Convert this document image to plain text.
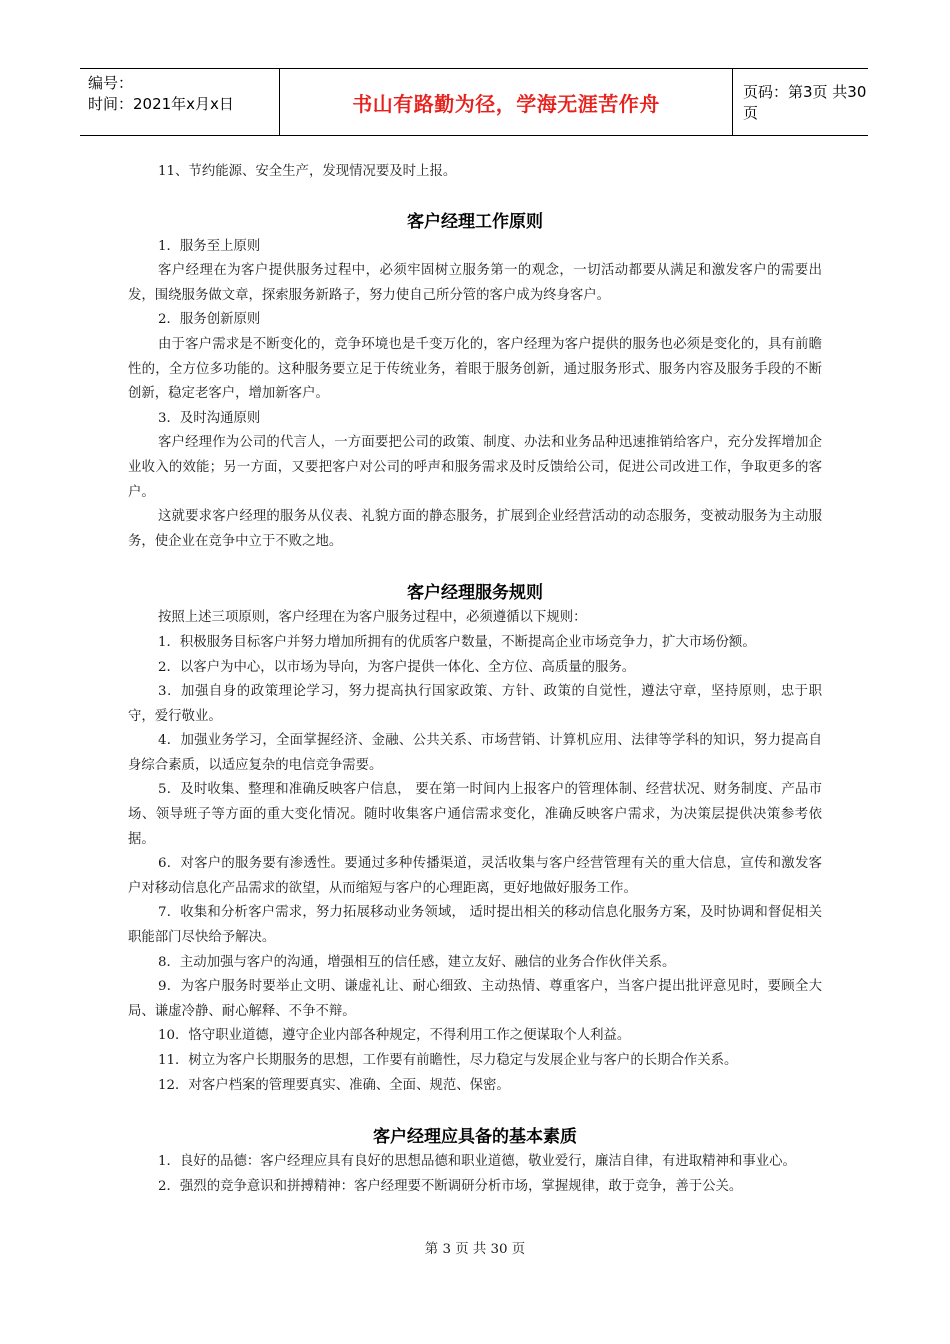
编号：
时间：2021年x月x日	书山有路勤为径，学海无涯苦作舟	页码：第3页 共30页

11、节约能源、安全生产，发现情况要及时上报。

客户经理工作原则

1．服务至上原则

客户经理在为客户提供服务过程中，必须牢固树立服务第一的观念，一切活动都要从满足和激发客户的需要出发，围绕服务做文章，探索服务新路子，努力使自己所分管的客户成为终身客户。

2．服务创新原则

由于客户需求是不断变化的，竞争环境也是千变万化的，客户经理为客户提供的服务也必须是变化的，具有前瞻性的，全方位多功能的。这种服务要立足于传统业务，着眼于服务创新，通过服务形式、服务内容及服务手段的不断创新，稳定老客户，增加新客户。

3．及时沟通原则

客户经理作为公司的代言人，一方面要把公司的政策、制度、办法和业务品种迅速推销给客户，充分发挥增加企业收入的效能；另一方面，又要把客户对公司的呼声和服务需求及时反馈给公司，促进公司改进工作，争取更多的客户。

这就要求客户经理的服务从仪表、礼貌方面的静态服务，扩展到企业经营活动的动态服务，变被动服务为主动服务，使企业在竞争中立于不败之地。

客户经理服务规则

按照上述三项原则，客户经理在为客户服务过程中，必须遵循以下规则：

1．积极服务目标客户并努力增加所拥有的优质客户数量，不断提高企业市场竞争力，扩大市场份额。

2．以客户为中心，以市场为导向，为客户提供一体化、全方位、高质量的服务。

3．加强自身的政策理论学习，努力提高执行国家政策、方针、政策的自觉性，遵法守章，坚持原则，忠于职守，爱行敬业。

4．加强业务学习，全面掌握经济、金融、公共关系、市场营销、计算机应用、法律等学科的知识，努力提高自身综合素质，以适应复杂的电信竞争需要。

5．及时收集、整理和准确反映客户信息， 要在第一时间内上报客户的管理体制、经营状况、财务制度、产品市场、领导班子等方面的重大变化情况。随时收集客户通信需求变化，准确反映客户需求，为决策层提供决策参考依据。

6．对客户的服务要有渗透性。要通过多种传播渠道，灵活收集与客户经营管理有关的重大信息，宣传和激发客户对移动信息化产品需求的欲望，从而缩短与客户的心理距离，更好地做好服务工作。

7．收集和分析客户需求，努力拓展移动业务领域， 适时提出相关的移动信息化服务方案，及时协调和督促相关职能部门尽快给予解决。

8．主动加强与客户的沟通，增强相互的信任感，建立友好、融信的业务合作伙伴关系。

9．为客户服务时要举止文明、谦虚礼让、耐心细致、主动热情、尊重客户，当客户提出批评意见时，要顾全大局、谦虚冷静、耐心解释、不争不辩。

10．恪守职业道德，遵守企业内部各种规定，不得利用工作之便谋取个人利益。

11．树立为客户长期服务的思想，工作要有前瞻性，尽力稳定与发展企业与客户的长期合作关系。

12．对客户档案的管理要真实、准确、全面、规范、保密。

客户经理应具备的基本素质

1．良好的品德：客户经理应具有良好的思想品德和职业道德，敬业爱行，廉洁自律，有进取精神和事业心。

2．强烈的竞争意识和拼搏精神：客户经理要不断调研分析市场，掌握规律，敢于竞争，善于公关。

第 3 页 共 30 页
